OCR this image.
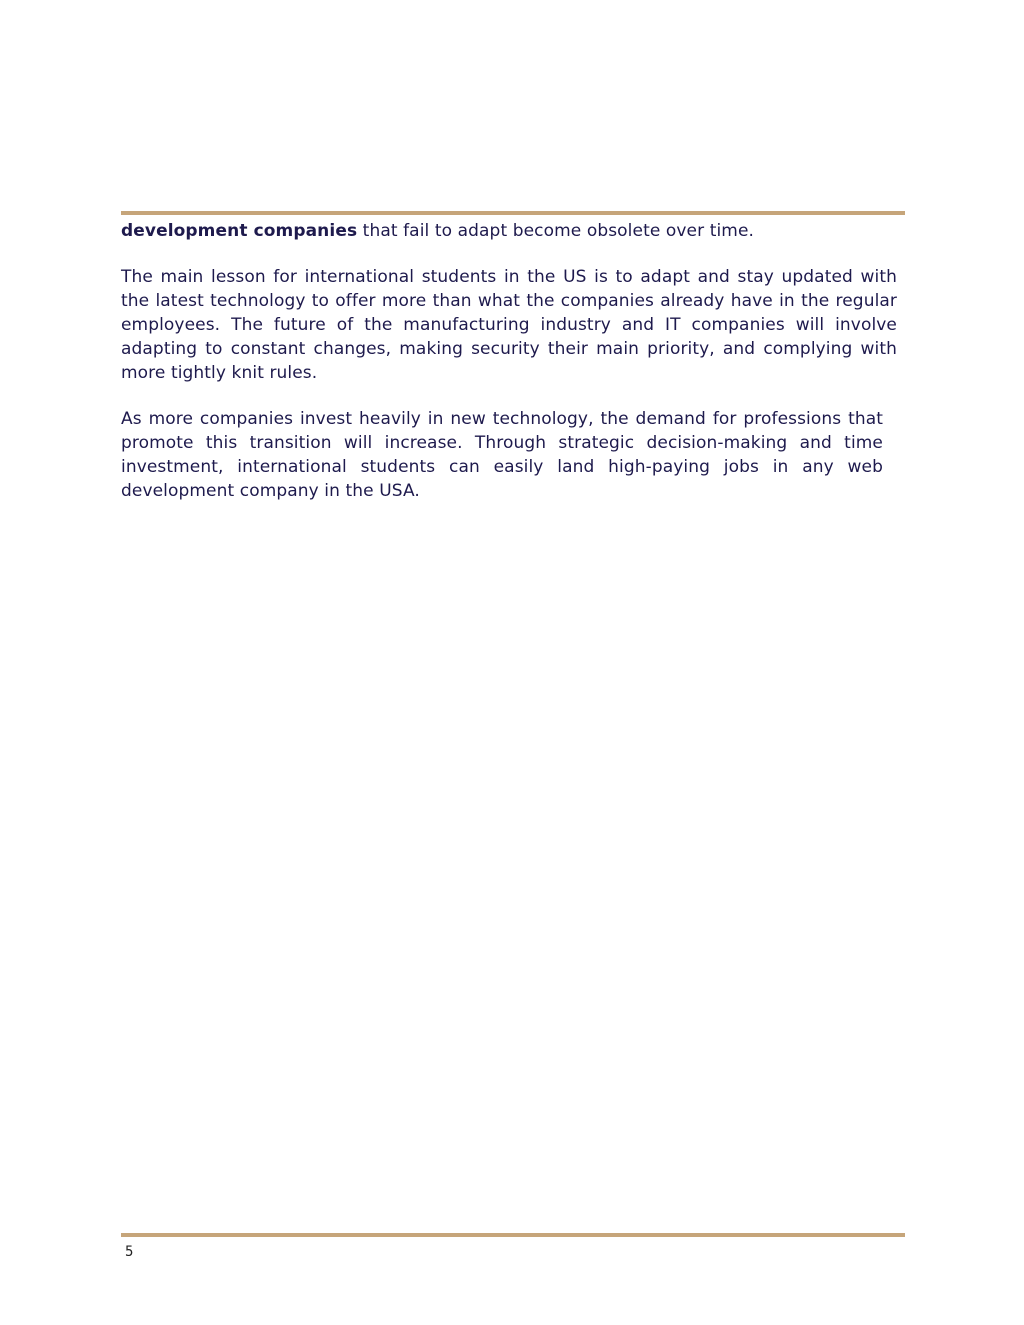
development companies that fail to adapt become obsolete over time.

The main lesson for international students in the US is to adapt and stay updated with the latest technology to offer more than what the companies already have in the regular employees. The future of the manufacturing industry and IT companies will involve adapting to constant changes, making security their main priority, and complying with more tightly knit rules.

As more companies invest heavily in new technology, the demand for professions that promote this transition will increase. Through strategic decision-making and time investment, international students can easily land high-paying jobs in any web development company in the USA.

5
